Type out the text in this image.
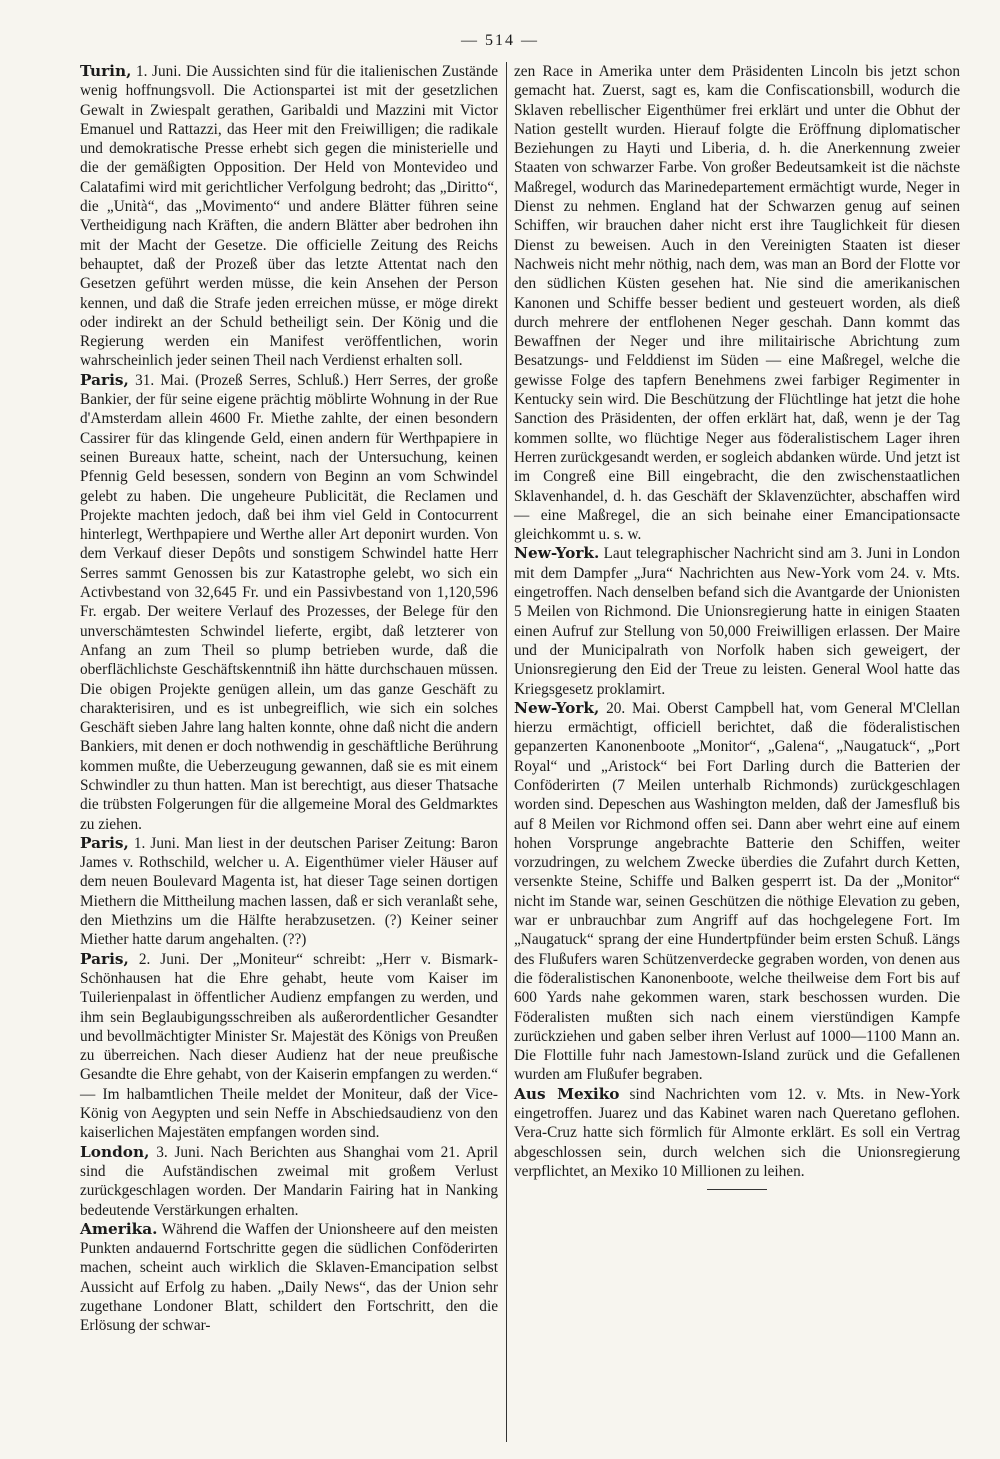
— 514 —

Turin, 1. Juni. Die Aussichten sind für die italienischen Zustände wenig hoffnungsvoll. Die Actionspartei ist mit der gesetzlichen Gewalt in Zwiespalt gerathen, Garibaldi und Mazzini mit Victor Emanuel und Rattazzi, das Heer mit den Freiwilligen; die radikale und demokratische Presse erhebt sich gegen die ministerielle und die der gemäßigten Opposition. Der Held von Montevideo und Calatafimi wird mit gerichtlicher Verfolgung bedroht; das „Diritto“, die „Unità“, das „Movimento“ und andere Blätter führen seine Vertheidigung nach Kräften, die andern Blätter aber bedrohen ihn mit der Macht der Gesetze. Die officielle Zeitung des Reichs behauptet, daß der Prozeß über das letzte Attentat nach den Gesetzen geführt werden müsse, die kein Ansehen der Person kennen, und daß die Strafe jeden erreichen müsse, er möge direkt oder indirekt an der Schuld betheiligt sein. Der König und die Regierung werden ein Manifest veröffentlichen, worin wahrscheinlich jeder seinen Theil nach Verdienst erhalten soll.

Paris, 31. Mai. (Prozeß Serres, Schluß.) Herr Serres, der große Bankier, der für seine eigene prächtig möblirte Wohnung in der Rue d'Amsterdam allein 4600 Fr. Miethe zahlte, der einen besondern Cassirer für das klingende Geld, einen andern für Werthpapiere in seinen Bureaux hatte, scheint, nach der Untersuchung, keinen Pfennig Geld besessen, sondern von Beginn an vom Schwindel gelebt zu haben. Die ungeheure Publicität, die Reclamen und Projekte machten jedoch, daß bei ihm viel Geld in Contocurrent hinterlegt, Werthpapiere und Werthe aller Art deponirt wurden. Von dem Verkauf dieser Depôts und sonstigem Schwindel hatte Herr Serres sammt Genossen bis zur Katastrophe gelebt, wo sich ein Activbestand von 32,645 Fr. und ein Passivbestand von 1,120,596 Fr. ergab. Der weitere Verlauf des Prozesses, der Belege für den unverschämtesten Schwindel lieferte, ergibt, daß letzterer von Anfang an zum Theil so plump betrieben wurde, daß die oberflächlichste Geschäftskenntniß ihn hätte durchschauen müssen. Die obigen Projekte genügen allein, um das ganze Geschäft zu charakterisiren, und es ist unbegreiflich, wie sich ein solches Geschäft sieben Jahre lang halten konnte, ohne daß nicht die andern Bankiers, mit denen er doch nothwendig in geschäftliche Berührung kommen mußte, die Ueberzeugung gewannen, daß sie es mit einem Schwindler zu thun hatten. Man ist berechtigt, aus dieser Thatsache die trübsten Folgerungen für die allgemeine Moral des Geldmarktes zu ziehen.

Paris, 1. Juni. Man liest in der deutschen Pariser Zeitung: Baron James v. Rothschild, welcher u. A. Eigenthümer vieler Häuser auf dem neuen Boulevard Magenta ist, hat dieser Tage seinen dortigen Miethern die Mittheilung machen lassen, daß er sich veranlaßt sehe, den Miethzins um die Hälfte herabzusetzen. (?) Keiner seiner Miether hatte darum angehalten. (??)

Paris, 2. Juni. Der „Moniteur“ schreibt: „Herr v. Bismark-Schönhausen hat die Ehre gehabt, heute vom Kaiser im Tuilerienpalast in öffentlicher Audienz empfangen zu werden, und ihm sein Beglaubigungsschreiben als außerordentlicher Gesandter und bevollmächtigter Minister Sr. Majestät des Königs von Preußen zu überreichen. Nach dieser Audienz hat der neue preußische Gesandte die Ehre gehabt, von der Kaiserin empfangen zu werden.“ — Im halbamtlichen Theile meldet der Moniteur, daß der Vice-König von Aegypten und sein Neffe in Abschiedsaudienz von den kaiserlichen Majestäten empfangen worden sind.

London, 3. Juni. Nach Berichten aus Shanghai vom 21. April sind die Aufständischen zweimal mit großem Verlust zurückgeschlagen worden. Der Mandarin Fairing hat in Nanking bedeutende Verstärkungen erhalten.

Amerika. Während die Waffen der Unionsheere auf den meisten Punkten andauernd Fortschritte gegen die südlichen Conföderirten machen, scheint auch wirklich die Sklaven-Emancipation selbst Aussicht auf Erfolg zu haben. „Daily News“, das der Union sehr zugethane Londoner Blatt, schildert den Fortschritt, den die Erlösung der schwar-

zen Race in Amerika unter dem Präsidenten Lincoln bis jetzt schon gemacht hat. Zuerst, sagt es, kam die Confiscationsbill, wodurch die Sklaven rebellischer Eigenthümer frei erklärt und unter die Obhut der Nation gestellt wurden. Hierauf folgte die Eröffnung diplomatischer Beziehungen zu Hayti und Liberia, d. h. die Anerkennung zweier Staaten von schwarzer Farbe. Von großer Bedeutsamkeit ist die nächste Maßregel, wodurch das Marinedepartement ermächtigt wurde, Neger in Dienst zu nehmen. England hat der Schwarzen genug auf seinen Schiffen, wir brauchen daher nicht erst ihre Tauglichkeit für diesen Dienst zu beweisen. Auch in den Vereinigten Staaten ist dieser Nachweis nicht mehr nöthig, nach dem, was man an Bord der Flotte vor den südlichen Küsten gesehen hat. Nie sind die amerikanischen Kanonen und Schiffe besser bedient und gesteuert worden, als dieß durch mehrere der entflohenen Neger geschah. Dann kommt das Bewaffnen der Neger und ihre militairische Abrichtung zum Besatzungs- und Felddienst im Süden — eine Maßregel, welche die gewisse Folge des tapfern Benehmens zwei farbiger Regimenter in Kentucky sein wird. Die Beschützung der Flüchtlinge hat jetzt die hohe Sanction des Präsidenten, der offen erklärt hat, daß, wenn je der Tag kommen sollte, wo flüchtige Neger aus föderalistischem Lager ihren Herren zurückgesandt werden, er sogleich abdanken würde. Und jetzt ist im Congreß eine Bill eingebracht, die den zwischenstaatlichen Sklavenhandel, d. h. das Geschäft der Sklavenzüchter, abschaffen wird — eine Maßregel, die an sich beinahe einer Emancipationsacte gleichkommt u. s. w.

New-York. Laut telegraphischer Nachricht sind am 3. Juni in London mit dem Dampfer „Jura“ Nachrichten aus New-York vom 24. v. Mts. eingetroffen. Nach denselben befand sich die Avantgarde der Unionisten 5 Meilen von Richmond. Die Unionsregierung hatte in einigen Staaten einen Aufruf zur Stellung von 50,000 Freiwilligen erlassen. Der Maire und der Municipalrath von Norfolk haben sich geweigert, der Unionsregierung den Eid der Treue zu leisten. General Wool hatte das Kriegsgesetz proklamirt.

New-York, 20. Mai. Oberst Campbell hat, vom General M'Clellan hierzu ermächtigt, officiell berichtet, daß die föderalistischen gepanzerten Kanonenboote „Monitor“, „Galena“, „Naugatuck“, „Port Royal“ und „Aristock“ bei Fort Darling durch die Batterien der Conföderirten (7 Meilen unterhalb Richmonds) zurückgeschlagen worden sind. Depeschen aus Washington melden, daß der Jamesfluß bis auf 8 Meilen vor Richmond offen sei. Dann aber wehrt eine auf einem hohen Vorsprunge angebrachte Batterie den Schiffen, weiter vorzudringen, zu welchem Zwecke überdies die Zufahrt durch Ketten, versenkte Steine, Schiffe und Balken gesperrt ist. Da der „Monitor“ nicht im Stande war, seinen Geschützen die nöthige Elevation zu geben, war er unbrauchbar zum Angriff auf das hochgelegene Fort. Im „Naugatuck“ sprang der eine Hundertpfünder beim ersten Schuß. Längs des Flußufers waren Schützenverdecke gegraben worden, von denen aus die föderalistischen Kanonenboote, welche theilweise dem Fort bis auf 600 Yards nahe gekommen waren, stark beschossen wurden. Die Föderalisten mußten sich nach einem vierstündigen Kampfe zurückziehen und gaben selber ihren Verlust auf 1000—1100 Mann an. Die Flottille fuhr nach Jamestown-Island zurück und die Gefallenen wurden am Flußufer begraben.

Aus Mexiko sind Nachrichten vom 12. v. Mts. in New-York eingetroffen. Juarez und das Kabinet waren nach Queretano geflohen. Vera-Cruz hatte sich förmlich für Almonte erklärt. Es soll ein Vertrag abgeschlossen sein, durch welchen sich die Unionsregierung verpflichtet, an Mexiko 10 Millionen zu leihen.
